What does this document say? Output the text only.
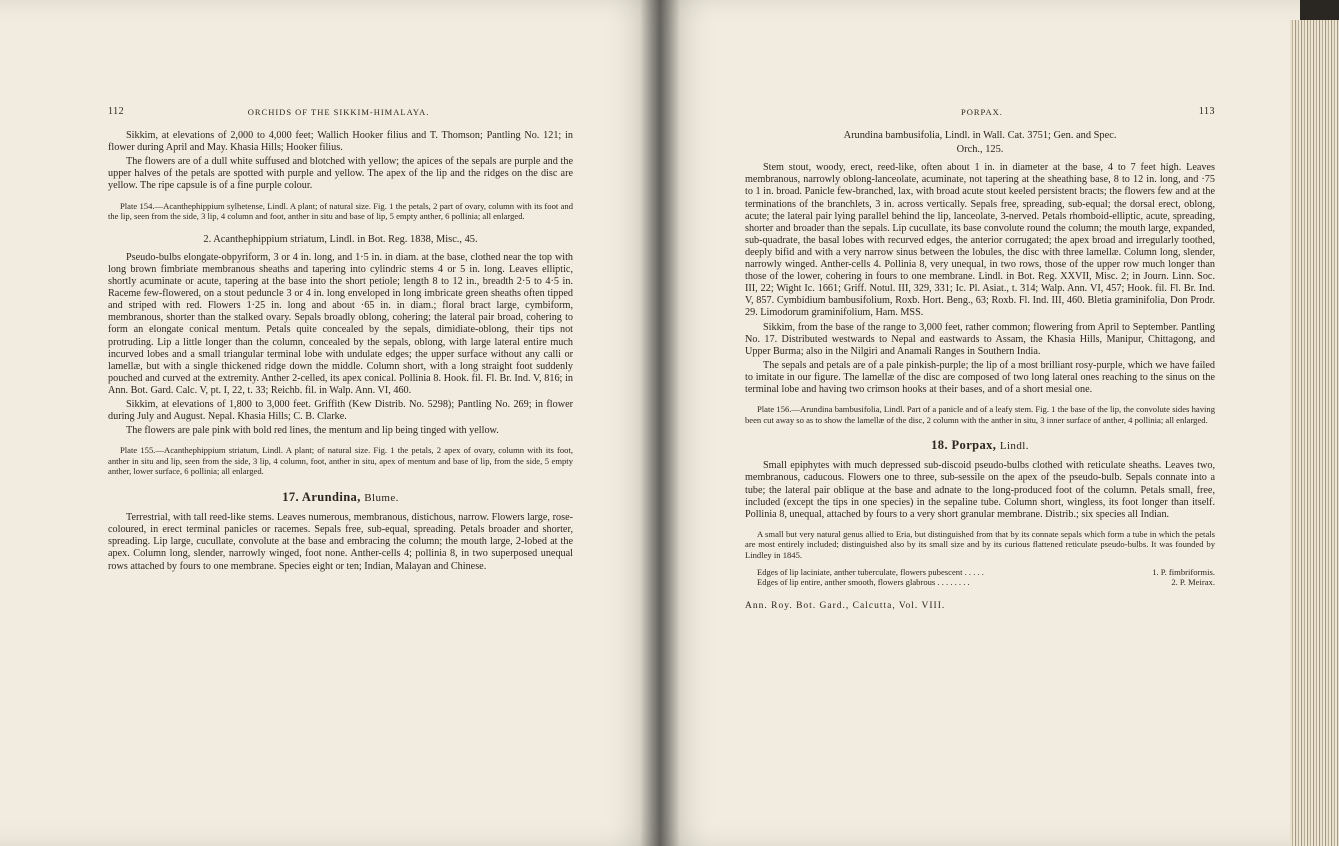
112	ORCHIDS OF THE SIKKIM-HIMALAYA.

Sikkim, at elevations of 2,000 to 4,000 feet; Wallich Hooker filius and T. Thomson; Pantling No. 121; in flower during April and May. Khasia Hills; Hooker filius.

The flowers are of a dull white suffused and blotched with yellow; the apices of the sepals are purple and the upper halves of the petals are spotted with purple and yellow. The apex of the lip and the ridges on the disc are yellow. The ripe capsule is of a fine purple colour.

Plate 154.—Acanthephippium sylhetense, Lindl. A plant; of natural size. Fig. 1 the petals, 2 part of ovary, column with its foot and the lip, seen from the side, 3 lip, 4 column and foot, anther in situ and base of lip, 5 empty anther, 6 pollinia; all enlarged.
2. Acanthephippium striatum, Lindl. in Bot. Reg. 1838, Misc., 45.

Pseudo-bulbs elongate-obpyriform, 3 or 4 in. long, and 1·5 in. in diam. at the base, clothed near the top with long brown fimbriate membranous sheaths and tapering into cylindric stems 4 or 5 in. long. Leaves elliptic, shortly acuminate or acute, tapering at the base into the short petiole; length 8 to 12 in., breadth 2·5 to 4·5 in. Raceme few-flowered, on a stout peduncle 3 or 4 in. long enveloped in long imbricate green sheaths often tipped and striped with red. Flowers 1·25 in. long and about ·65 in. in diam.; floral bract large, cymbiform, membranous, shorter than the stalked ovary. Sepals broadly oblong, cohering; the lateral pair broad, cohering to form an elongate conical mentum. Petals quite concealed by the sepals, dimidiate-oblong, their tips not protruding. Lip a little longer than the column, concealed by the sepals, oblong, with large lateral entire much incurved lobes and a small triangular terminal lobe with undulate edges; the upper surface without any calli or lamellæ, but with a single thickened ridge down the middle. Column short, with a long straight foot suddenly pouched and curved at the extremity. Anther 2-celled, its apex conical. Pollinia 8. Hook. fil. Fl. Br. Ind. V, 816; in Ann. Bot. Gard. Calc. V, pt. I, 22, t. 33; Reichb. fil. in Walp. Ann. VI, 460.

Sikkim, at elevations of 1,800 to 3,000 feet. Griffith (Kew Distrib. No. 5298); Pantling No. 269; in flower during July and August. Nepal. Khasia Hills; C. B. Clarke.

The flowers are pale pink with bold red lines, the mentum and lip being tinged with yellow.

Plate 155.—Acanthephippium striatum, Lindl. A plant; of natural size. Fig. 1 the petals, 2 apex of ovary, column with its foot, anther in situ and lip, seen from the side, 3 lip, 4 column, foot, anther in situ, apex of mentum and base of lip, from the side, 5 empty anther, lower surface, 6 pollinia; all enlarged.
17. Arundina, Blume.

Terrestrial, with tall reed-like stems. Leaves numerous, membranous, distichous, narrow. Flowers large, rose-coloured, in erect terminal panicles or racemes. Sepals free, sub-equal, spreading. Petals broader and shorter, spreading. Lip large, cucullate, convolute at the base and embracing the column; the mouth large, 2-lobed at the apex. Column long, slender, narrowly winged, foot none. Anther-cells 4; pollinia 8, in two superposed unequal rows attached by fours to one membrane. Species eight or ten; Indian, Malayan and Chinese.

PORPAX.	113
Arundina bambusifolia, Lindl. in Wall. Cat. 3751; Gen. and Spec.
Orch., 125.

Stem stout, woody, erect, reed-like, often about 1 in. in diameter at the base, 4 to 7 feet high. Leaves membranous, narrowly oblong-lanceolate, acuminate, not tapering at the sheathing base, 8 to 12 in. long, and ·75 to 1 in. broad. Panicle few-branched, lax, with broad acute stout keeled persistent bracts; the flowers few and at the terminations of the branchlets, 3 in. across vertically. Sepals free, spreading, sub-equal; the dorsal erect, oblong, acute; the lateral pair lying parallel behind the lip, lanceolate, 3-nerved. Petals rhomboid-elliptic, acute, spreading, shorter and broader than the sepals. Lip cucullate, its base convolute round the column; the mouth large, expanded, sub-quadrate, the basal lobes with recurved edges, the anterior corrugated; the apex broad and irregularly toothed, deeply bifid and with a very narrow sinus between the lobules, the disc with three lamellæ. Column long, slender, narrowly winged. Anther-cells 4. Pollinia 8, very unequal, in two rows, those of the upper row much longer than those of the lower, cohering in fours to one membrane. Lindl. in Bot. Reg. XXVII, Misc. 2; in Journ. Linn. Soc. III, 22; Wight Ic. 1661; Griff. Notul. III, 329, 331; Ic. Pl. Asiat., t. 314; Walp. Ann. VI, 457; Hook. fil. Fl. Br. Ind. V, 857. Cymbidium bambusifolium, Roxb. Hort. Beng., 63; Roxb. Fl. Ind. III, 460. Bletia graminifolia, Don Prodr. 29. Limodorum graminifolium, Ham. MSS.

Sikkim, from the base of the range to 3,000 feet, rather common; flowering from April to September. Pantling No. 17. Distributed westwards to Nepal and eastwards to Assam, the Khasia Hills, Manipur, Chittagong, and Upper Burma; also in the Nilgiri and Anamali Ranges in Southern India.

The sepals and petals are of a pale pinkish-purple; the lip of a most brilliant rosy-purple, which we have failed to imitate in our figure. The lamellæ of the disc are composed of two long lateral ones reaching to the sinus on the terminal lobe and having two crimson hooks at their bases, and of a short mesial one.

Plate 156.—Arundina bambusifolia, Lindl. Part of a panicle and of a leafy stem. Fig. 1 the base of the lip, the convolute sides having been cut away so as to show the lamellæ of the disc, 2 column with the anther in situ, 3 inner surface of anther, 4 pollinia; all enlarged.
18. Porpax, Lindl.

Small epiphytes with much depressed sub-discoid pseudo-bulbs clothed with reticulate sheaths. Leaves two, membranous, caducous. Flowers one to three, sub-sessile on the apex of the pseudo-bulb. Sepals connate into a tube; the lateral pair oblique at the base and adnate to the long-produced foot of the column. Petals small, free, included (except the tips in one species) in the sepaline tube. Column short, wingless, its foot longer than itself. Pollinia 8, unequal, attached by fours to a very short granular membrane. Distrib.; six species all Indian.

A small but very natural genus allied to Eria, but distinguished from that by its connate sepals which form a tube in which the petals are most entirely included; distinguished also by its small size and by its curious flattened reticulate pseudo-bulbs. It was founded by Lindley in 1845.
Edges of lip laciniate, anther tuberculate, flowers pubescent . . . . .	1. P. fimbriformis.
Edges of lip entire, anther smooth, flowers glabrous . . . . . . . .	2. P. Meirax.
Ann. Roy. Bot. Gard., Calcutta, Vol. VIII.
